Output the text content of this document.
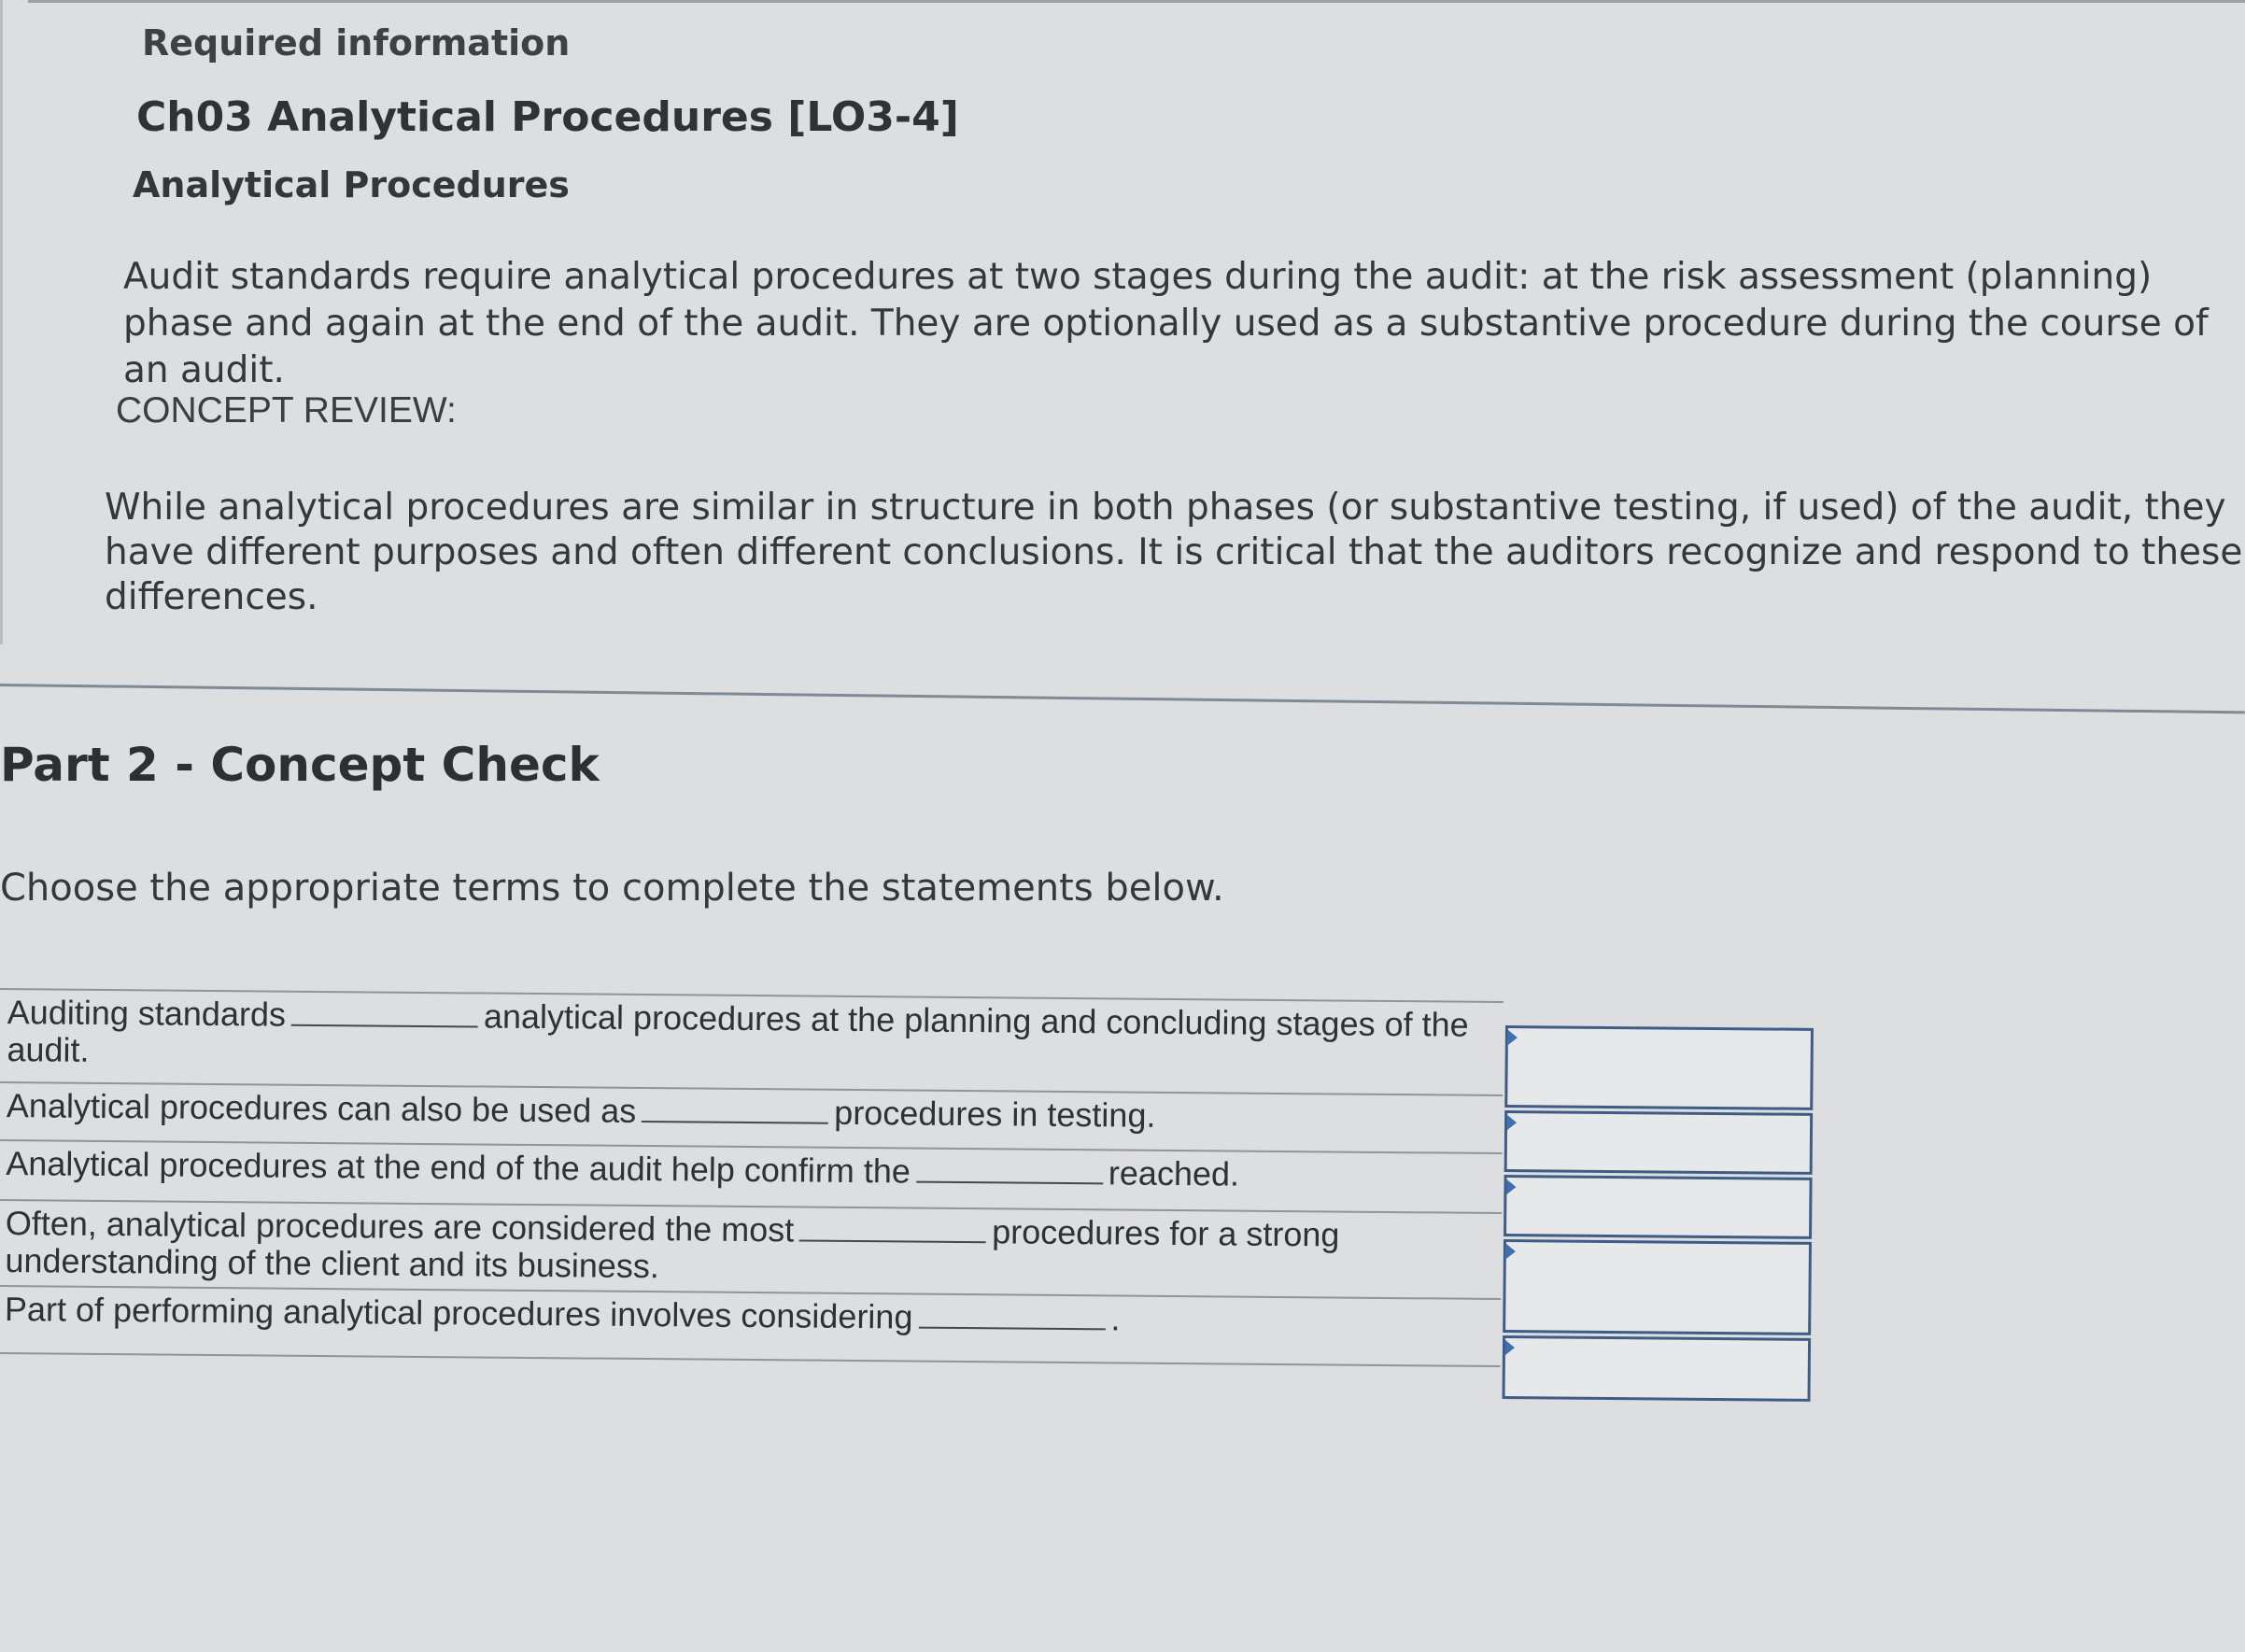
Required information
Ch03 Analytical Procedures [LO3-4]
Analytical Procedures
Audit standards require analytical procedures at two stages during the audit: at the risk assessment (planning) phase and again at the end of the audit. They are optionally used as a substantive procedure during the course of an audit.
CONCEPT REVIEW:
While analytical procedures are similar in structure in both phases (or substantive testing, if used) of the audit, they have different purposes and often different conclusions. It is critical that the auditors recognize and respond to these differences.
Part 2 - Concept Check
Choose the appropriate terms to complete the statements below.
Auditing standards	analytical procedures at the planning and concluding stages of the audit.
Analytical procedures can also be used as	procedures in testing.
Analytical procedures at the end of the audit help confirm the	reached.
Often, analytical procedures are considered the most	procedures for a strong understanding of the client and its business.
Part of performing analytical procedures involves considering	.
